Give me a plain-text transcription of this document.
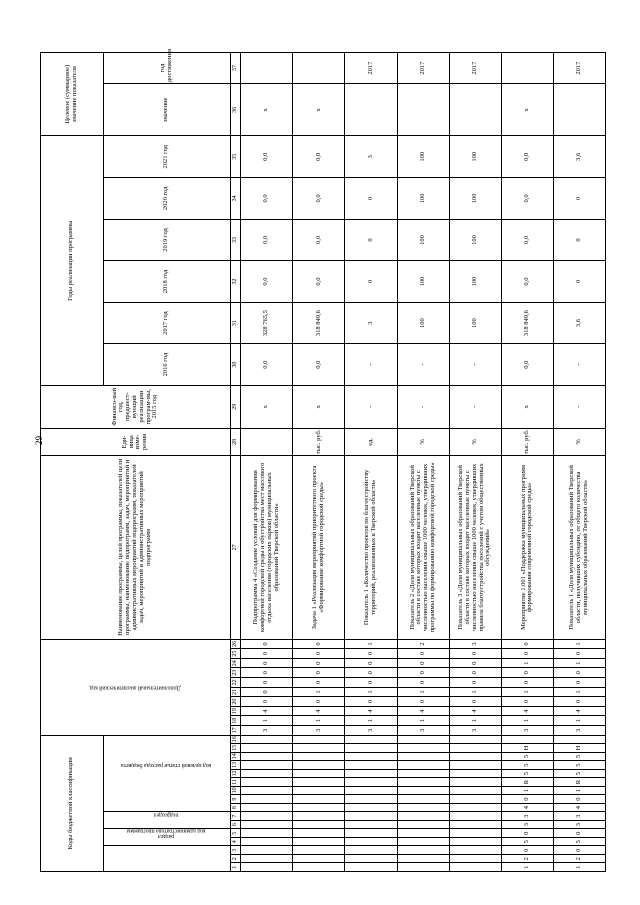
29
Коды бюджетной классификации																Дополнительный аналитический код										Наименование программы, целей программы, показателей цели программы, наименование подпрограмм, задач, мероприятий и административных мероприятий подпрограмм, показателей задач, мероприятий и административных мероприятий подпрограмм	Еди-ница изме-рения	Финансо-вый год, предшест-вующий реализации програм-мы, 2015 год	Годы реализации программы						Целевое (суммарное) значение показателя	
код администратора программы			раздел		подраздел		код целевой статьи расхода бюджета																						2016 год	2017 год	2018 год	2019 год	2020 год	2021 год	значение	год достижения
1	2	3	4	5	6	7	8	9	10	11	12	13	14	15	16	17	18	19	20	21	22	23	24	25	26	27	28	29	30	31	32	33	34	35	36	37
																3	1	4	0	0	0	0	0	0	0	Подпрограмма 4 «Создание условий для формирования комфортной городской среды и обустройства мест массового отдыха населения (городских парков) муниципальных образований Тверской области»		х	0,0	328 765,5	0,0	0,0	0,0	0,0	х	
																3	1	4	0	1	0	0	0	0	0	Задача 1 «Реализация мероприятий приоритетного проекта «Формирование комфортной городской среды»	тыс. руб.	х	0,0	318 849,6	0,0	0,0	0,0	0,0	х	
																3	1	4	0	1	0	0	0	0	1	Показатель 1 «Количество проектов по благоустройству территорий, реализованных в Тверской области»	ед.	-	-	3	0	0	0	3		2017
																3	1	4	0	1	0	0	0	0	2	Показатель 2 «Доля муниципальных образований Тверской области в составе которых входят населенные пункты с численностью населения свыше 1000 человек, утвердивших программы по формированию комфортной городской среды»	%	-	-	100	100	100	100	100		2017
																3	1	4	0	1	0	0	0	0	3	Показатель 3 «Доля муниципальных образований Тверской области в составе которых входят населенные пункты с численностью населения свыше 1000 человек, утвердивших правила благоустройства поселений с учетом общественных обсуждений»	%	-	-	100	100	100	100	100		2017
1	2	0	5	0	3	3	4	0	1	R	5	5	5	Н		3	1	4	0	1	0	0	1	0	0	Мероприятие 1.001 «Поддержка муниципальных программ формирования современной городской среды»	тыс. руб.	х	0,0	318 849,6	0,0	0,0	0,0	0,0	х	
1	2	0	5	0	3	3	4	0	1	R	5	5	5	Н		3	1	4	0	1	0	0	1	0	1	Показатель 1 «Доля муниципальных образований Тверской области, получивших субсидию, от общего количества муниципальных образований Тверской области»	%	-	-	3,6	0	0	0	3,6		2017
